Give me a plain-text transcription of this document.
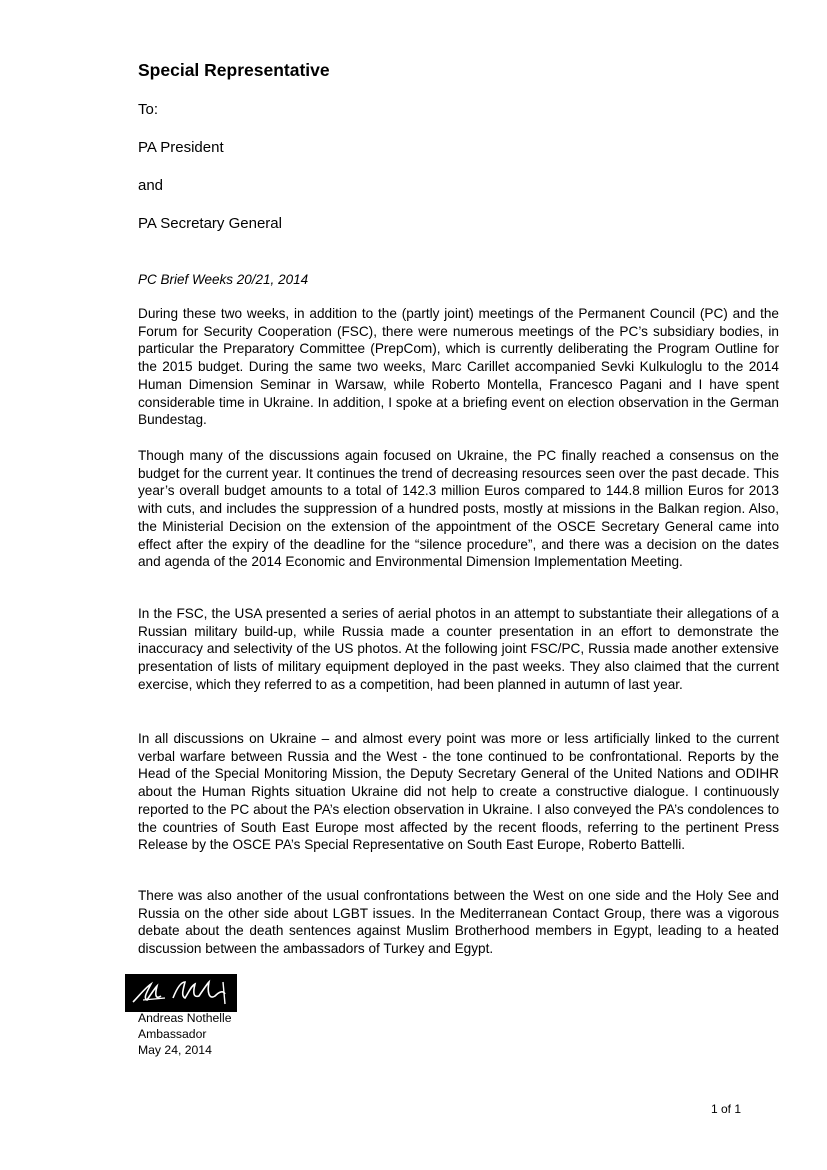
Special Representative

To:

PA President

and

PA Secretary General

PC Brief Weeks 20/21, 2014

During these two weeks, in addition to the (partly joint) meetings of the Permanent Council (PC) and the Forum for Security Cooperation (FSC), there were numerous meetings of the PC’s subsidiary bodies, in particular the Preparatory Committee (PrepCom), which is currently deliberating the Program Outline for the 2015 budget. During the same two weeks, Marc Carillet accompanied Sevki Kulkuloglu to the 2014 Human Dimension Seminar in Warsaw, while Roberto Montella, Francesco Pagani and I have spent considerable time in Ukraine. In addition, I spoke at a briefing event on election observation in the German Bundestag.

Though many of the discussions again focused on Ukraine, the PC finally reached a consensus on the budget for the current year. It continues the trend of decreasing resources seen over the past decade. This year’s overall budget amounts to a total of 142.3 million Euros compared to 144.8 million Euros for 2013 with cuts, and includes the suppression of a hundred posts, mostly at missions in the Balkan region. Also, the Ministerial Decision on the extension of the appointment of the OSCE Secretary General came into effect after the expiry of the deadline for the “silence procedure”, and there was a decision on the dates and agenda of the 2014 Economic and Environmental Dimension Implementation Meeting.

In the FSC, the USA presented a series of aerial photos in an attempt to substantiate their allegations of a Russian military build-up, while Russia made a counter presentation in an effort to demonstrate the inaccuracy and selectivity of the US photos. At the following joint FSC/PC, Russia made another extensive presentation of lists of military equipment deployed in the past weeks. They also claimed that the current exercise, which they referred to as a competition, had been planned in autumn of last year.

In all discussions on Ukraine – and almost every point was more or less artificially linked to the current verbal warfare between Russia and the West - the tone continued to be confrontational. Reports by the Head of the Special Monitoring Mission, the Deputy Secretary General of the United Nations and ODIHR about the Human Rights situation Ukraine did not help to create a constructive dialogue. I continuously reported to the PC about the PA’s election observation in Ukraine. I also conveyed the PA’s condolences to the countries of South East Europe most affected by the recent floods, referring to the pertinent Press Release by the OSCE PA’s Special Representative on South East Europe, Roberto Battelli.

There was also another of the usual confrontations between the West on one side and the Holy See and Russia on the other side about LGBT issues. In the Mediterranean Contact Group, there was a vigorous debate about the death sentences against Muslim Brotherhood members in Egypt, leading to a heated discussion between the ambassadors of Turkey and Egypt.

Andreas Nothelle

Ambassador

May 24, 2014

1 of 1
